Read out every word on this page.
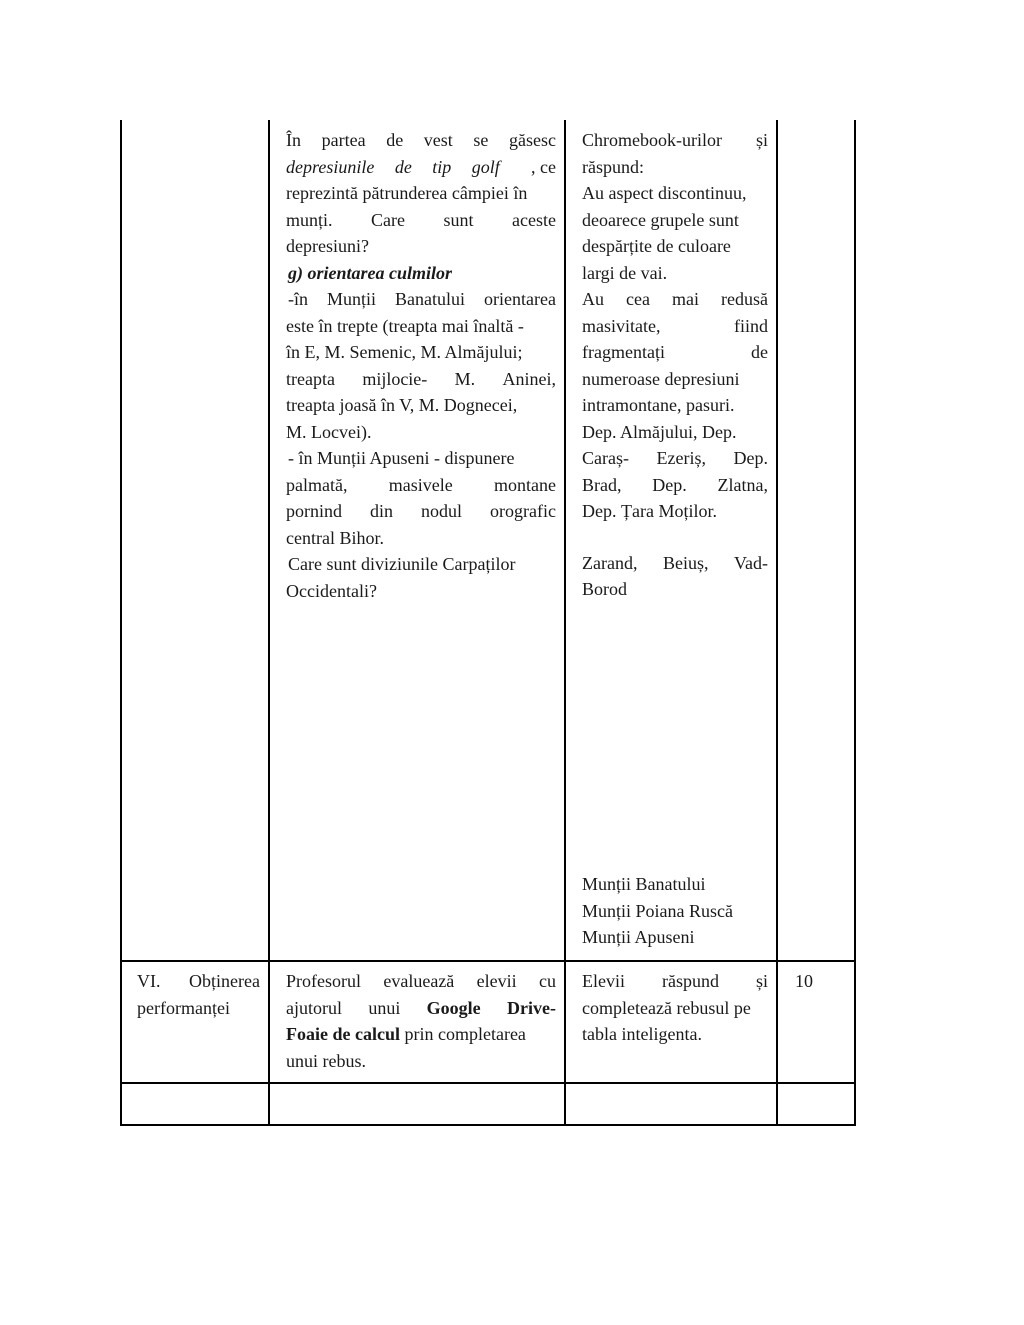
În partea de vest se găsesc
depresiunile de tip golf , ce
reprezintă pătrunderea câmpiei în
munți. Care sunt aceste
depresiuni?
g) orientarea culmilor
-în Munții Banatului orientarea
este în trepte (treapta mai înaltă -
în E, M. Semenic, M. Almăjului;
treapta mijlocie- M. Aninei,
treapta joasă în V, M. Dognecei,
M. Locvei).
- în Munții Apuseni - dispunere
palmată, masivele montane
pornind din nodul orografic
central Bihor.
Care sunt diviziunile Carpaților
Occidentali?
Chromebook-urilor și
răspund:
Au aspect discontinuu,
deoarece grupele sunt
despărțite de culoare
largi de vai.
Au cea mai redusă
masivitate,	fiind
fragmentați	de
numeroase depresiuni
intramontane, pasuri.
Dep. Almăjului, Dep.
Caraș- Ezeriș, Dep.
Brad, Dep. Zlatna,
Dep. Țara Moților.
Zarand, Beiuș, Vad-
Borod
Munții Banatului
Munții Poiana Ruscă
Munții Apuseni
VI. Obținerea
performanței
Profesorul evaluează elevii cu
ajutorul unui Google Drive-
Foaie de calcul prin completarea
unui rebus.
Elevii răspund și
completează rebusul pe
tabla inteligenta.
10
